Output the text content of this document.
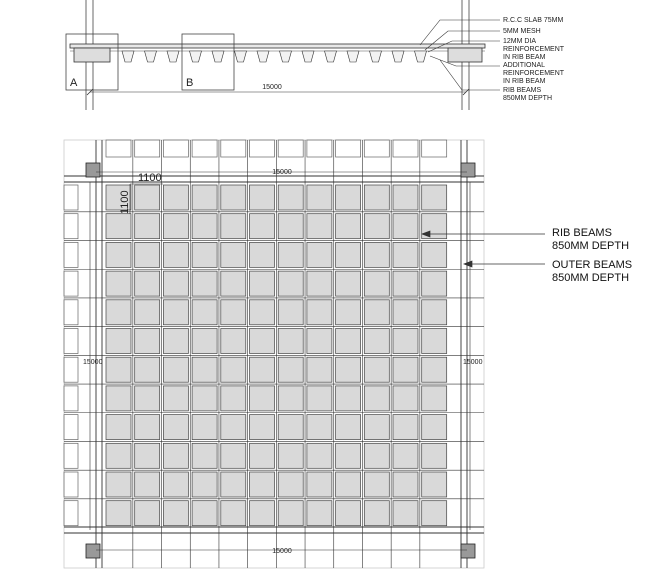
A	B	15000
R.C.C SLAB 75MM
5MM MESH
12MM DIA
REINFORCEMENT
IN RIB BEAM
ADDITIONAL
REINFORCEMENT
IN RIB BEAM
RIB BEAMS
850MM DEPTH
15000
15000
15000	15000
1100
1100
RIB BEAMS
850MM DEPTH
OUTER BEAMS
850MM DEPTH
